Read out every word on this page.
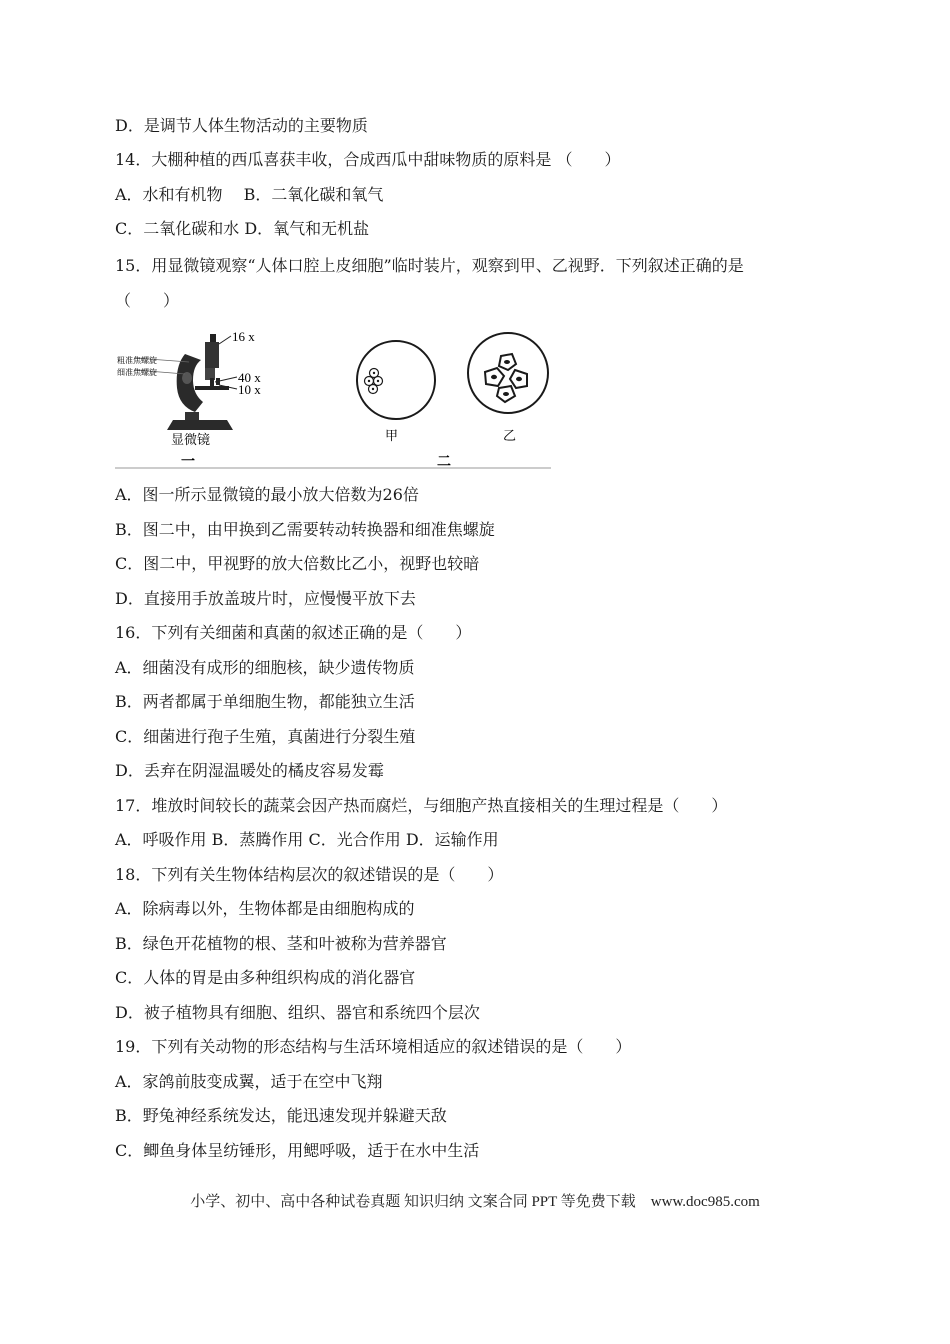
D．是调节人体生物活动的主要物质
14．大棚种植的西瓜喜获丰收，合成西瓜中甜味物质的原料是 （　　）
A．水和有机物　 B．二氧化碳和氧气
C．二氧化碳和水 D．氧气和无机盐
15．用显微镜观察“人体口腔上皮细胞”临时装片，观察到甲、乙视野．下列叙述正确的是
（　　）
16 x
40 x
10 x
粗准焦螺旋
细准焦螺旋
显微镜
一
甲	乙
二
A．图一所示显微镜的最小放大倍数为26倍
B．图二中，由甲换到乙需要转动转换器和细准焦螺旋
C．图二中，甲视野的放大倍数比乙小，视野也较暗
D．直接用手放盖玻片时，应慢慢平放下去
16．下列有关细菌和真菌的叙述正确的是（　　）
A．细菌没有成形的细胞核，缺少遗传物质
B．两者都属于单细胞生物，都能独立生活
C．细菌进行孢子生殖，真菌进行分裂生殖
D．丢弃在阴湿温暖处的橘皮容易发霉
17．堆放时间较长的蔬菜会因产热而腐烂，与细胞产热直接相关的生理过程是（　　）
A．呼吸作用 B．蒸腾作用 C．光合作用 D．运输作用
18．下列有关生物体结构层次的叙述错误的是（　　）
A．除病毒以外，生物体都是由细胞构成的
B．绿色开花植物的根、茎和叶被称为营养器官
C．人体的胃是由多种组织构成的消化器官
D．被子植物具有细胞、组织、器官和系统四个层次
19．下列有关动物的形态结构与生活环境相适应的叙述错误的是（　　）
A．家鸽前肢变成翼，适于在空中飞翔
B．野兔神经系统发达，能迅速发现并躲避天敌
C．鲫鱼身体呈纺锤形，用鳃呼吸，适于在水中生活
小学、初中、高中各种试卷真题 知识归纳 文案合同 PPT 等免费下载　www.doc985.com
